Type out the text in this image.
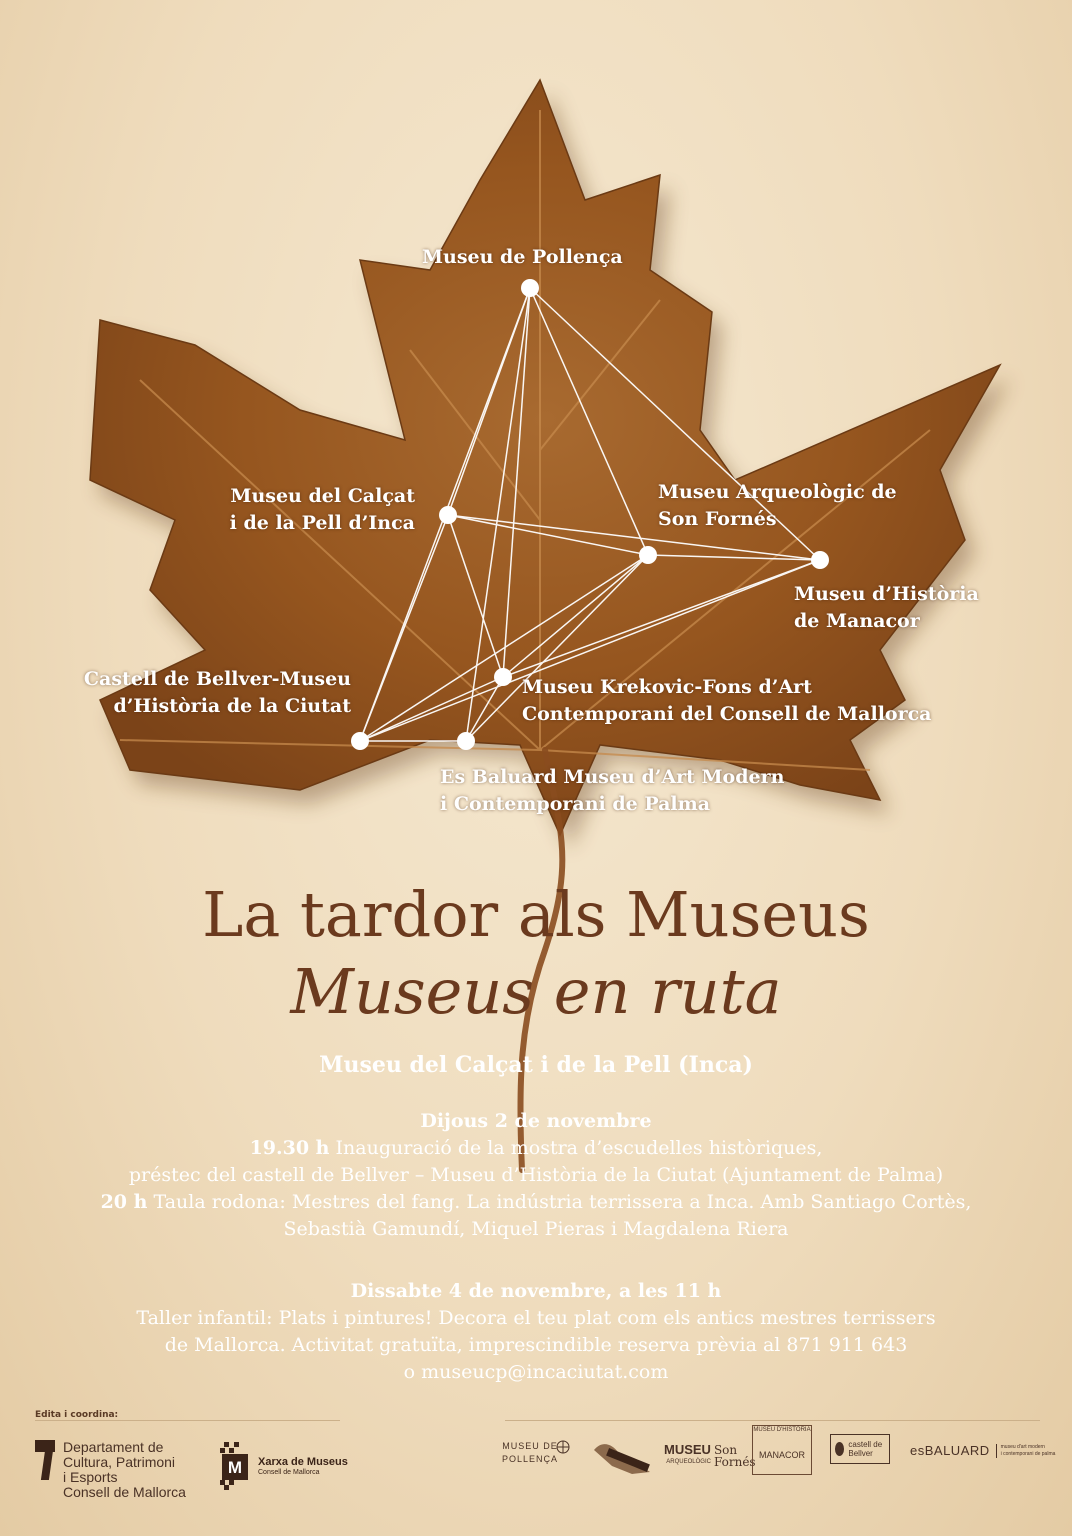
Museu de Pollença
Museu del Calçat
i de la Pell d’Inca
Museu Arqueològic de
Son Fornés
Museu d’Història
de Manacor
Castell de Bellver-Museu
d’Història de la Ciutat
Museu Krekovic-Fons d’Art
Contemporani del Consell de Mallorca
Es Baluard Museu d’Art Modern
i Contemporani de Palma
La tardor als Museus
Museus en ruta
Museu del Calçat i de la Pell (Inca)
Dijous 2 de novembre
19.30 h Inauguració de la mostra d’escudelles històriques,
préstec del castell de Bellver – Museu d’Història de la Ciutat (Ajuntament de Palma)
20 h Taula rodona: Mestres del fang. La indústria terrissera a Inca. Amb Santiago Cortès,
Sebastià Gamundí, Miquel Pieras i Magdalena Riera
Dissabte 4 de novembre, a les 11 h
Taller infantil: Plats i pintures! Decora el teu plat com els antics mestres terrissers
de Mallorca. Activitat gratuïta, imprescindible reserva prèvia al 871 911 643
o museucp@incaciutat.com
Edita i coordina:
Departament de
Cultura, Patrimoni
i Esports
Consell de Mallorca
M Xarxa de Museus
Consell de Mallorca
MUSEU DE
POLLENÇA
MUSEU
ARQUEOLÒGIC
Son
Fornés
MUSEU D'HISTÒRIA
MANACOR
castell de Bellver	esBALUARD museu d'art modern
i contemporani de palma
